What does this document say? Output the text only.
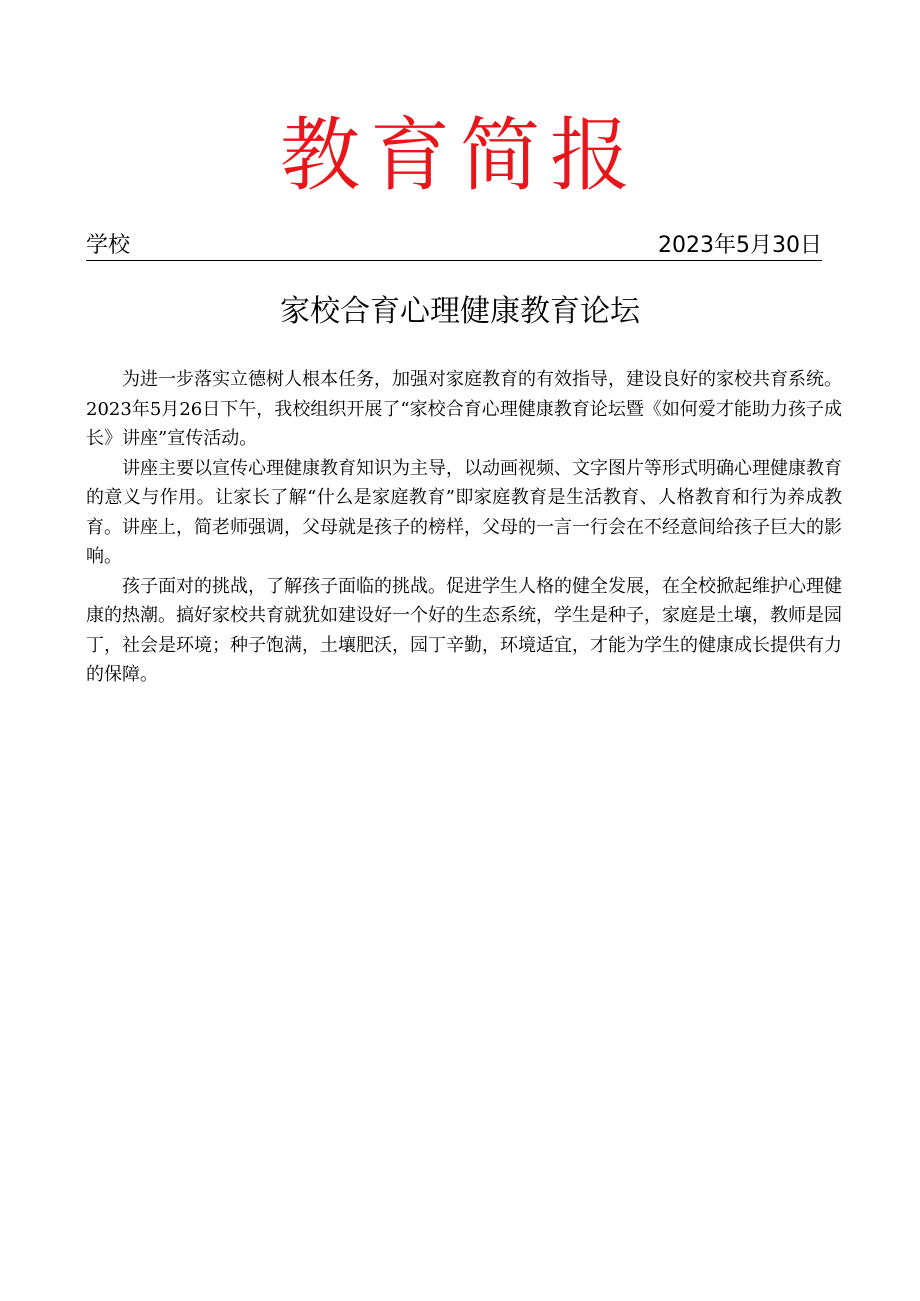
教育简报
学校	2023年5月30日
家校合育心理健康教育论坛

为进一步落实立德树人根本任务，加强对家庭教育的有效指导，建设良好的家校共育系统。2023年5月26日下午，我校组织开展了“家校合育心理健康教育论坛暨《如何爱才能助力孩子成长》讲座”宣传活动。

讲座主要以宣传心理健康教育知识为主导，以动画视频、文字图片等形式明确心理健康教育的意义与作用。让家长了解“什么是家庭教育”即家庭教育是生活教育、人格教育和行为养成教育。讲座上，简老师强调，父母就是孩子的榜样，父母的一言一行会在不经意间给孩子巨大的影响。

孩子面对的挑战，了解孩子面临的挑战。促进学生人格的健全发展，在全校掀起维护心理健康的热潮。搞好家校共育就犹如建设好一个好的生态系统，学生是种子，家庭是土壤，教师是园丁，社会是环境；种子饱满，土壤肥沃，园丁辛勤，环境适宜，才能为学生的健康成长提供有力的保障。
